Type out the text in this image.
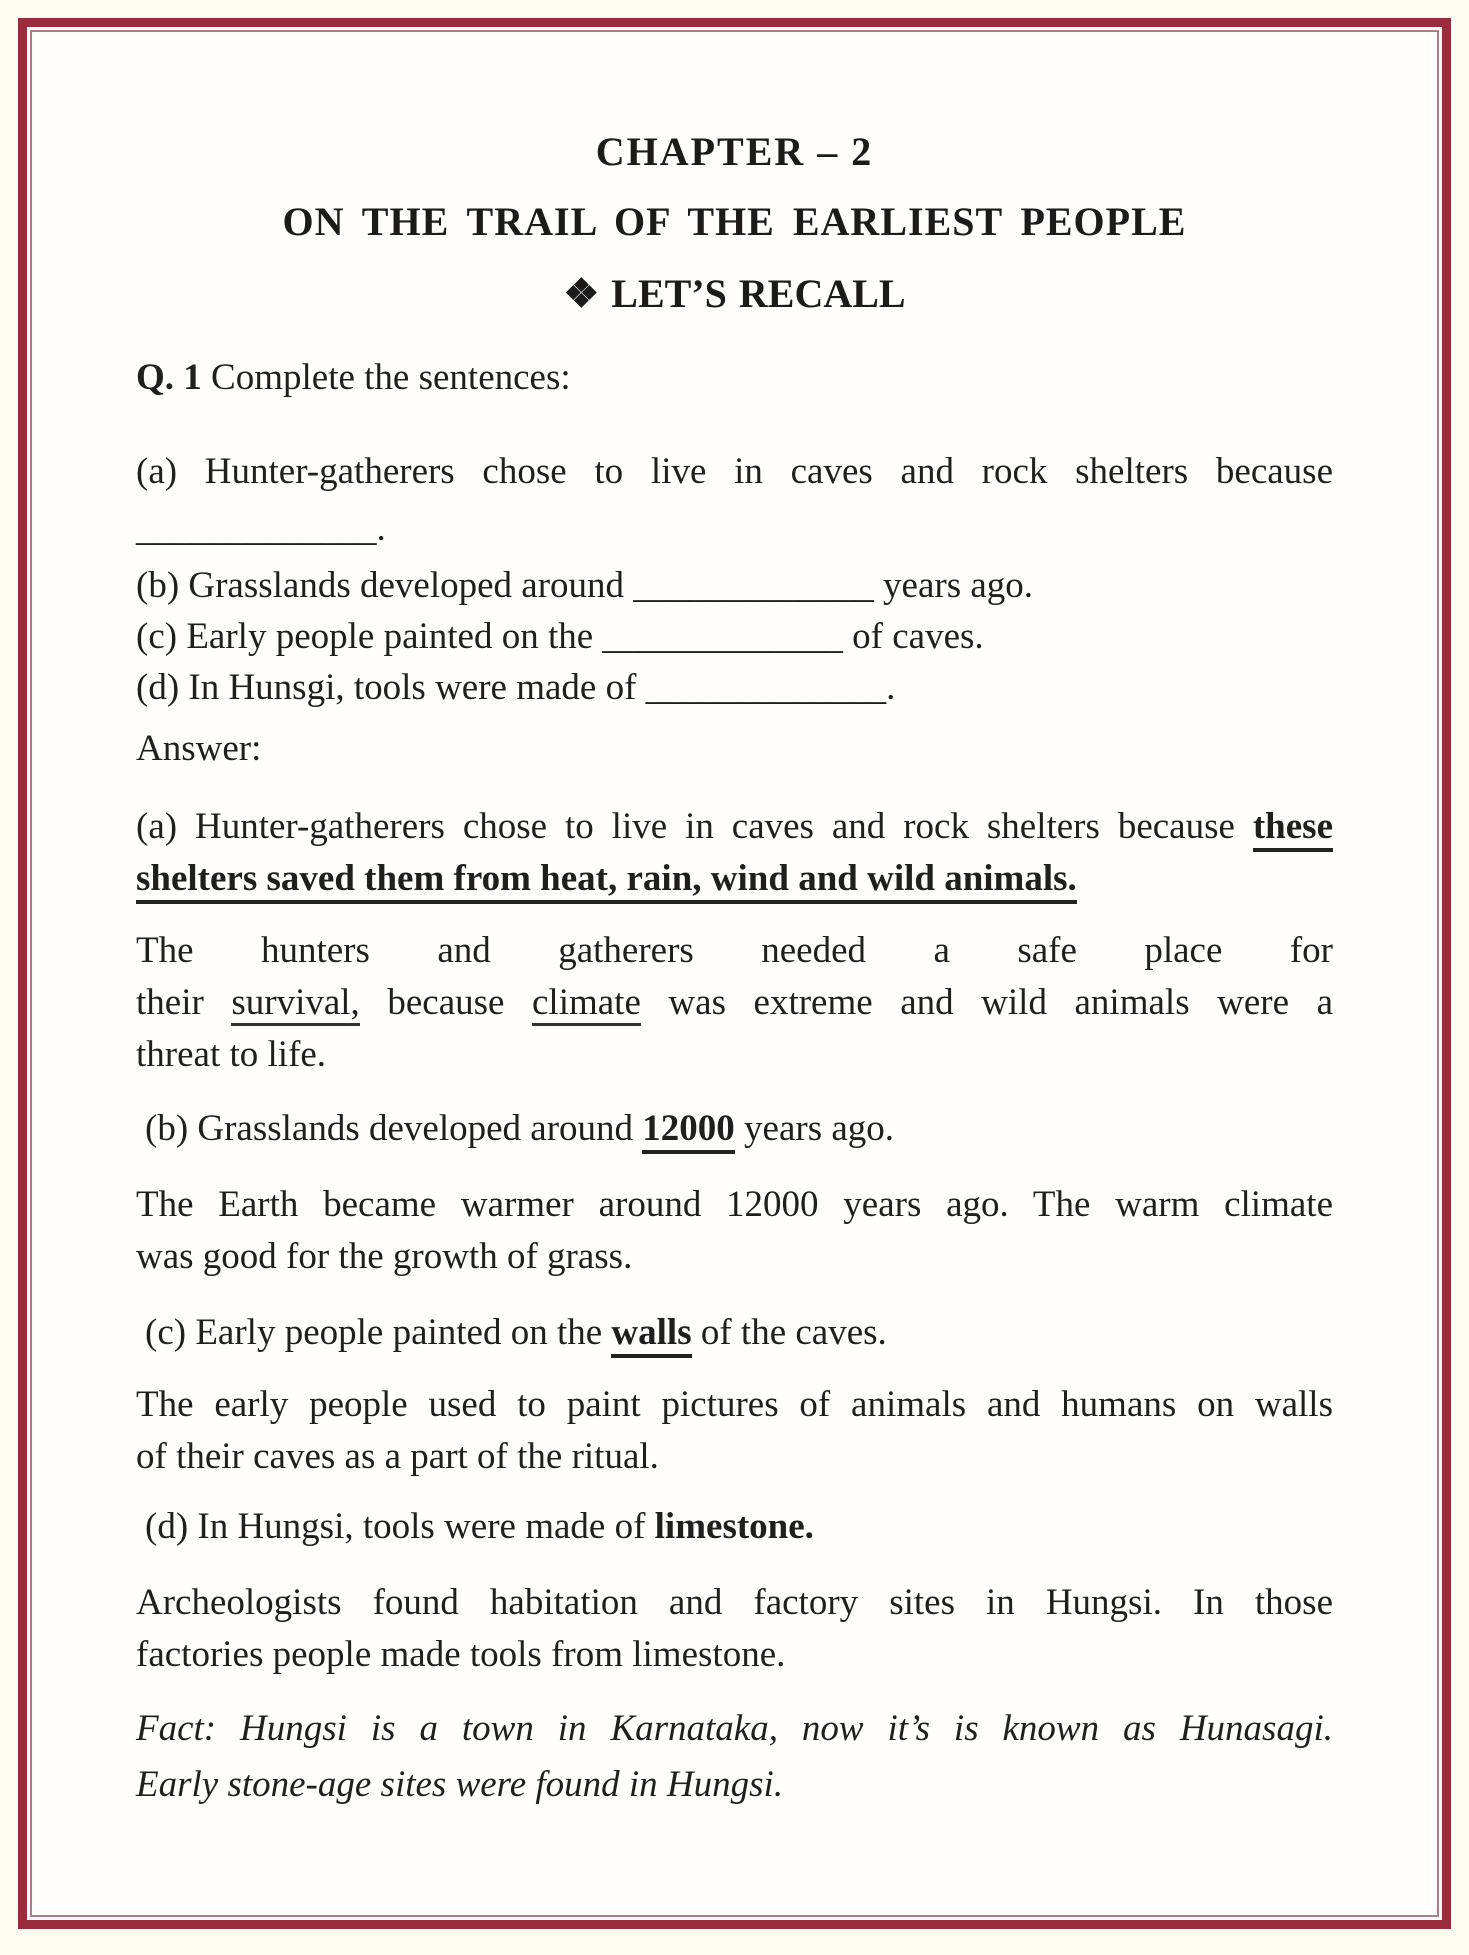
CHAPTER – 2
ON THE TRAIL OF THE EARLIEST PEOPLE
❖ LET’S RECALL
Q. 1 Complete the sentences:
(a) Hunter-gatherers chose to live in caves and rock shelters because
_____________.
(b) Grasslands developed around _____________ years ago.
(c) Early people painted on the _____________ of caves.
(d) In Hunsgi, tools were made of _____________.
Answer:
(a) Hunter-gatherers chose to live in caves and rock shelters because these
shelters saved them from heat, rain, wind and wild animals.
The hunters and gatherers needed a safe place for
their survival, because climate was extreme and wild animals were a
threat to life.
(b) Grasslands developed around 12000 years ago.
The Earth became warmer around 12000 years ago. The warm climate
was good for the growth of grass.
(c) Early people painted on the walls of the caves.
The early people used to paint pictures of animals and humans on walls
of their caves as a part of the ritual.
(d) In Hungsi, tools were made of limestone.
Archeologists found habitation and factory sites in Hungsi. In those
factories people made tools from limestone.
Fact: Hungsi is a town in Karnataka, now it’s is known as Hunasagi.
Early stone-age sites were found in Hungsi.
